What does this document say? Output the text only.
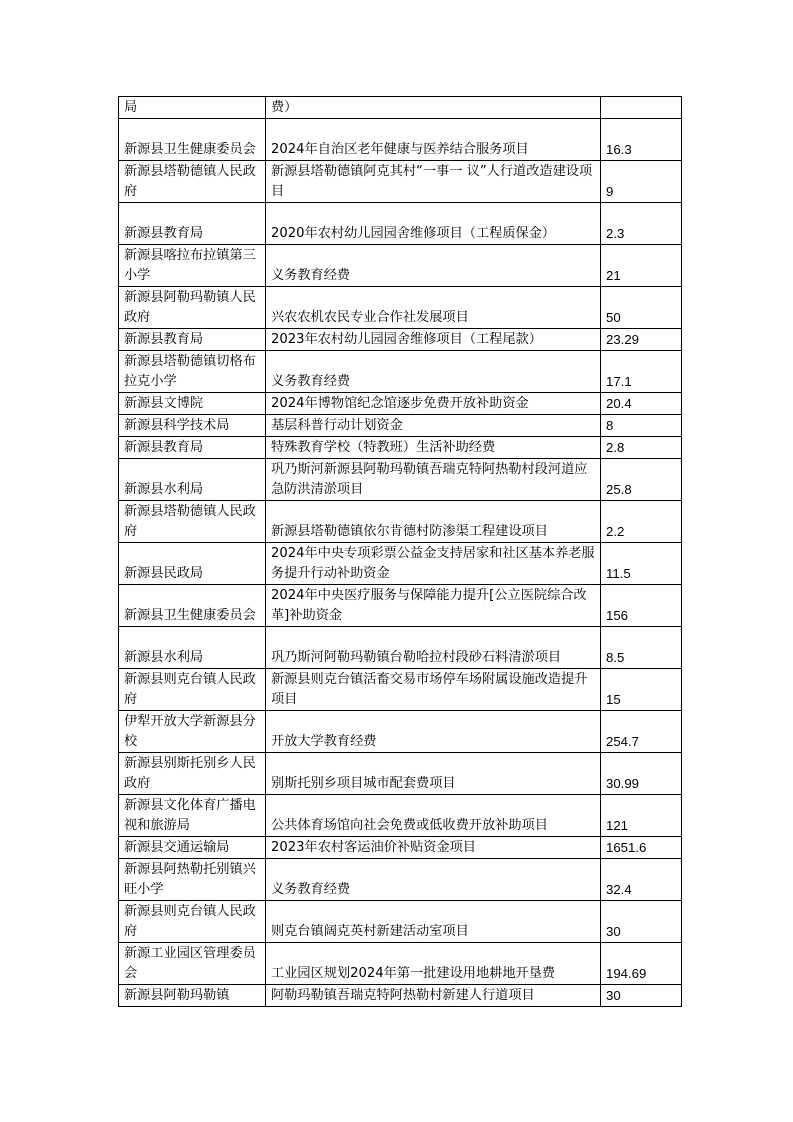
局	费）	
新源县卫生健康委员会	2024年自治区老年健康与医养结合服务项目	16.3
新源县塔勒德镇人民政府	新源县塔勒德镇阿克其村“一事一 议”人行道改造建设项目	9
新源县教育局	2020年农村幼儿园园舍维修项目（工程质保金）	2.3
新源县喀拉布拉镇第三小学	义务教育经费	21
新源县阿勒玛勒镇人民政府	兴农农机农民专业合作社发展项目	50
新源县教育局	2023年农村幼儿园园舍维修项目（工程尾款）	23.29
新源县塔勒德镇切格布拉克小学	义务教育经费	17.1
新源县文博院	2024年博物馆纪念馆逐步免费开放补助资金	20.4
新源县科学技术局	基层科普行动计划资金	8
新源县教育局	特殊教育学校（特教班）生活补助经费	2.8
新源县水利局	巩乃斯河新源县阿勒玛勒镇吾瑞克特阿热勒村段河道应急防洪清淤项目	25.8
新源县塔勒德镇人民政府	新源县塔勒德镇依尔肯德村防渗渠工程建设项目	2.2
新源县民政局	2024年中央专项彩票公益金支持居家和社区基本养老服务提升行动补助资金	11.5
新源县卫生健康委员会	2024年中央医疗服务与保障能力提升[公立医院综合改革]补助资金	156
新源县水利局	巩乃斯河阿勒玛勒镇台勒哈拉村段砂石料清淤项目	8.5
新源县则克台镇人民政府	新源县则克台镇活畜交易市场停车场附属设施改造提升项目	15
伊犁开放大学新源县分校	开放大学教育经费	254.7
新源县别斯托别乡人民政府	别斯托别乡项目城市配套费项目	30.99
新源县文化体育广播电视和旅游局	公共体育场馆向社会免费或低收费开放补助项目	121
新源县交通运输局	2023年农村客运油价补贴资金项目	1651.6
新源县阿热勒托别镇兴旺小学	义务教育经费	32.4
新源县则克台镇人民政府	则克台镇阔克英村新建活动室项目	30
新源工业园区管理委员会	工业园区规划2024年第一批建设用地耕地开垦费	194.69
新源县阿勒玛勒镇	阿勒玛勒镇吾瑞克特阿热勒村新建人行道项目	30
